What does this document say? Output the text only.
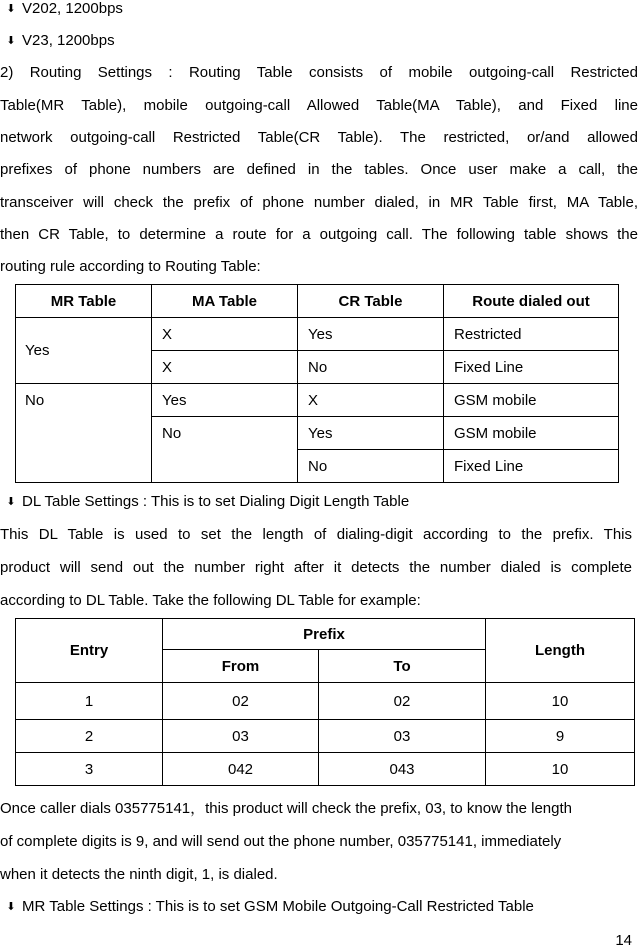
⬇ V202, 1200bps
⬇ V23, 1200bps
2) Routing Settings : Routing Table consists of mobile outgoing-call Restricted
Table(MR Table), mobile outgoing-call Allowed Table(MA Table), and Fixed line
network outgoing-call Restricted Table(CR Table). The restricted, or/and allowed
prefixes of phone numbers are defined in the tables. Once user make a call, the
transceiver will check the prefix of phone number dialed, in MR Table first, MA Table,
then CR Table, to determine a route for a outgoing call. The following table shows the
routing rule according to Routing Table:
MR Table	MA Table	CR Table	Route dialed out
Yes	X	Yes	Restricted
	X	No	Fixed Line
No	Yes	X	GSM mobile
	No	Yes	GSM mobile
		No	Fixed Line
⬇ DL Table Settings : This is to set Dialing Digit Length Table
This DL Table is used to set the length of dialing-digit according to the prefix. This
product will send out the number right after it detects the number dialed is complete
according to DL Table. Take the following DL Table for example:
Entry	Prefix		Length
	From	To	
1	02	02	10
2	03	03	9
3	042	043	10
Once caller dials 035775141，this product will check the prefix, 03, to know the length
of complete digits is 9, and will send out the phone number, 035775141, immediately
when it detects the ninth digit, 1, is dialed.
⬇ MR Table Settings : This is to set GSM Mobile Outgoing-Call Restricted Table
14
